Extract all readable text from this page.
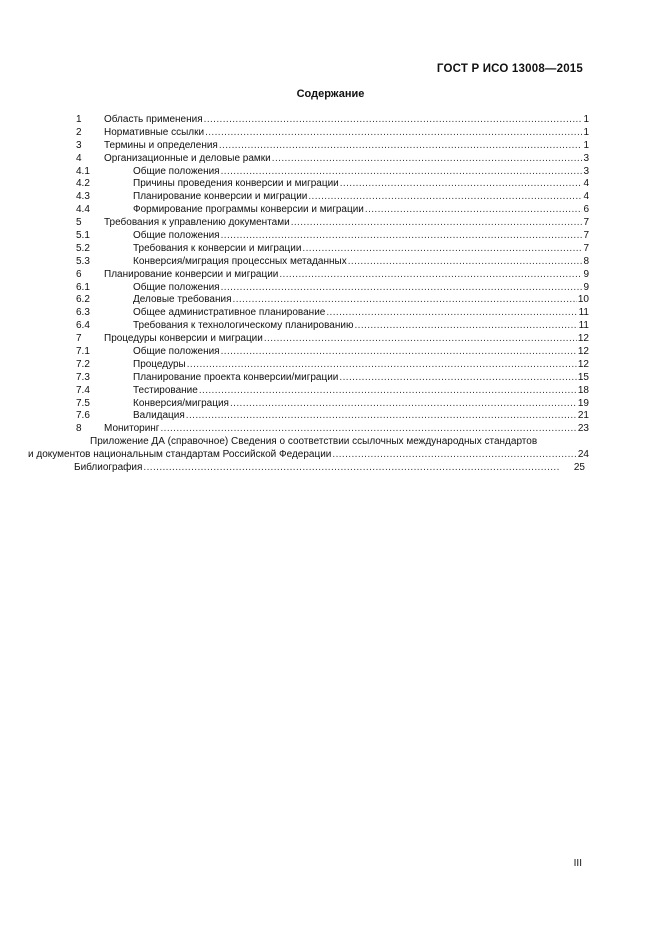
ГОСТ Р ИСО 13008—2015
Содержание
1	Область применения .....	1
2	Нормативные ссылки .....	1
3	Термины и определения .....	1
4	Организационные и деловые рамки .....	3
4.1	Общие положения .....	3
4.2	Причины проведения конверсии и миграции .....	4
4.3	Планирование конверсии и миграции .....	4
4.4	Формирование программы конверсии и миграции .....	6
5	Требования к управлению документами .....	7
5.1	Общие положения .....	7
5.2	Требования к конверсии и миграции .....	7
5.3	Конверсия/миграция процессных метаданных .....	8
6	Планирование конверсии и миграции .....	9
6.1	Общие положения .....	9
6.2	Деловые требования .....	10
6.3	Общее административное планирование .....	11
6.4	Требования к технологическому планированию .....	11
7	Процедуры конверсии и миграции .....	12
7.1	Общие положения .....	12
7.2	Процедуры .....	12
7.3	Планирование проекта конверсии/миграции .....	15
7.4	Тестирование .....	18
7.5	Конверсия/миграция .....	19
7.6	Валидация .....	21
8	Мониторинг .....	23
Приложение ДА (справочное) Сведения о соответствии ссылочных международных стандартов
и документов национальным стандартам Российской Федерации .....	24
Библиография .....	25
III
